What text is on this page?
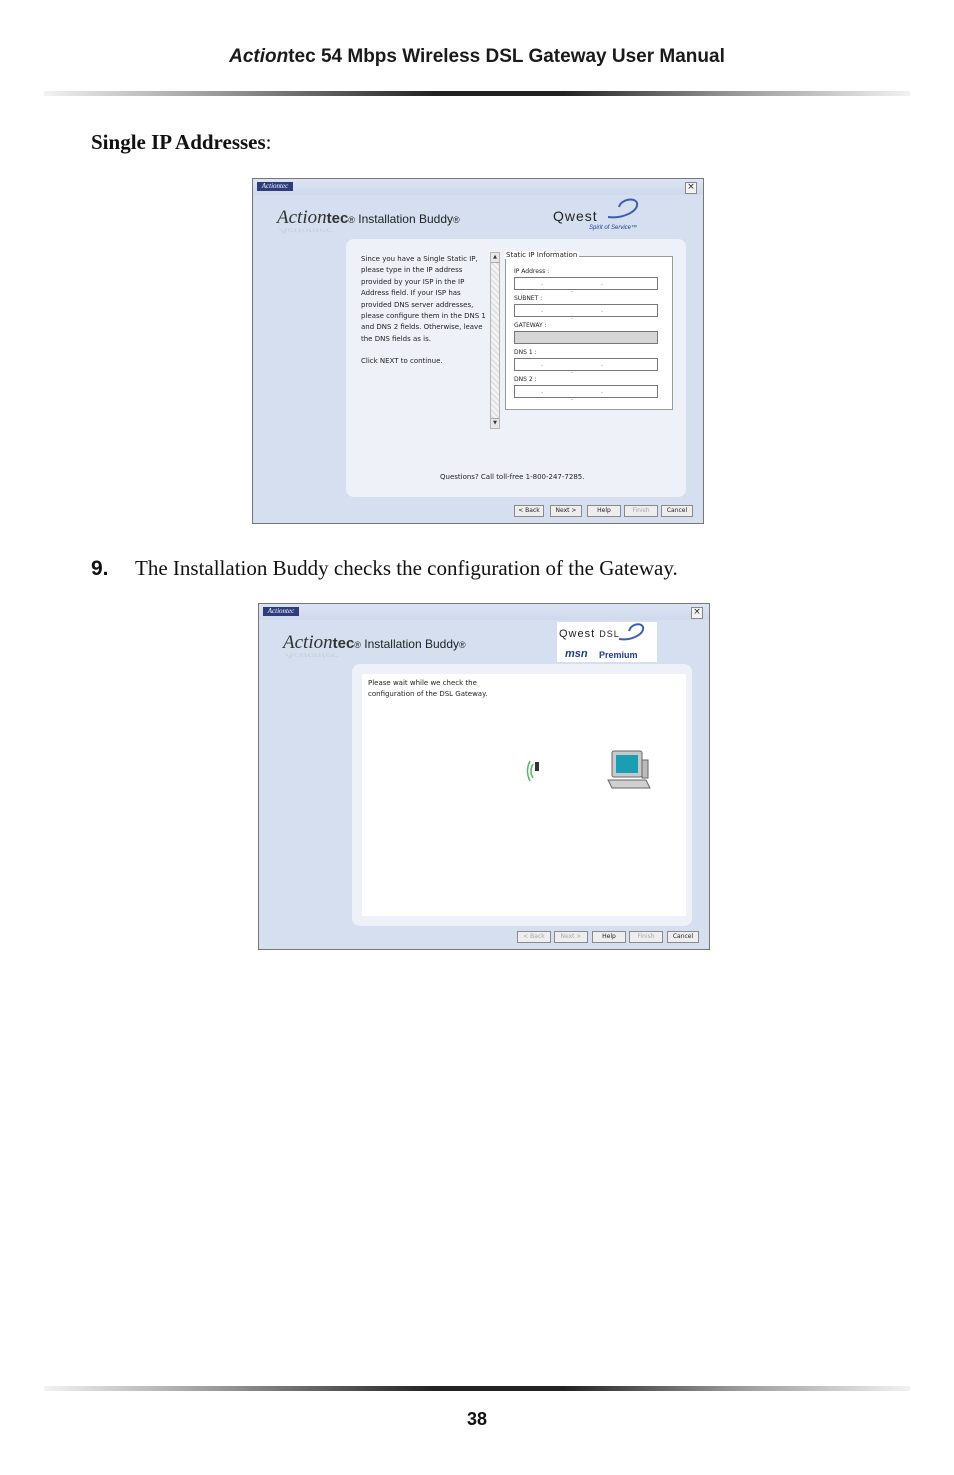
Actiontec 54 Mbps Wireless DSL Gateway User Manual
Single IP Addresses:
Actiontec	×
Actiontec® Installation Buddy®
Actiontec
Qwest
Spirit of Service™
Since you have a Single Static IP, please type in the IP address provided by your ISP in the IP Address field. If your ISP has provided DNS server addresses, please configure them in the DNS 1 and DNS 2 fields. Otherwise, leave the DNS fields as is.
Click NEXT to continue.
▲
▼
Static IP Information
IP Address :
. . .
SUBNET :
. . .
GATEWAY :
DNS 1 :
. . .
DNS 2 :
. . .
Questions? Call toll-free 1-800-247-7285.
< Back	Next >	Help	Finish	Cancel
9. The Installation Buddy checks the configuration of the Gateway.
Actiontec	×
Actiontec® Installation Buddy®
Actiontec
Qwest DSL
msn Premium
Please wait while we check the configuration of the DSL Gateway.
< Back	Next >	Help	Finish	Cancel
38
